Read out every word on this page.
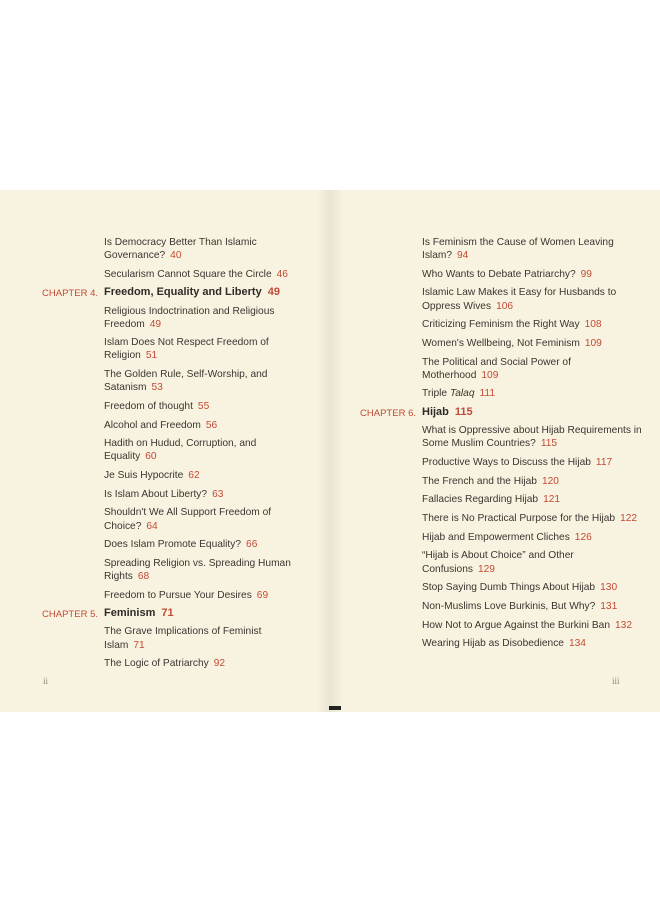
Is Democracy Better Than Islamic Governance? 40
Secularism Cannot Square the Circle 46
CHAPTER 4. Freedom, Equality and Liberty 49
Religious Indoctrination and Religious Freedom 49
Islam Does Not Respect Freedom of Religion 51
The Golden Rule, Self-Worship, and Satanism 53
Freedom of thought 55
Alcohol and Freedom 56
Hadith on Hudud, Corruption, and Equality 60
Je Suis Hypocrite 62
Is Islam About Liberty? 63
Shouldn't We All Support Freedom of Choice? 64
Does Islam Promote Equality? 66
Spreading Religion vs. Spreading Human Rights 68
Freedom to Pursue Your Desires 69
CHAPTER 5. Feminism 71
The Grave Implications of Feminist Islam 71
The Logic of Patriarchy 92
ii
Is Feminism the Cause of Women Leaving Islam? 94
Who Wants to Debate Patriarchy? 99
Islamic Law Makes it Easy for Husbands to Oppress Wives 106
Criticizing Feminism the Right Way 108
Women's Wellbeing, Not Feminism 109
The Political and Social Power of Motherhood 109
Triple Talaq 111
CHAPTER 6. Hijab 115
What is Oppressive about Hijab Requirements in Some Muslim Countries? 115
Productive Ways to Discuss the Hijab 117
The French and the Hijab 120
Fallacies Regarding Hijab 121
There is No Practical Purpose for the Hijab 122
Hijab and Empowerment Cliches 126
“Hijab is About Choice” and Other Confusions 129
Stop Saying Dumb Things About Hijab 130
Non-Muslims Love Burkinis, But Why? 131
How Not to Argue Against the Burkini Ban 132
Wearing Hijab as Disobedience 134
iii
